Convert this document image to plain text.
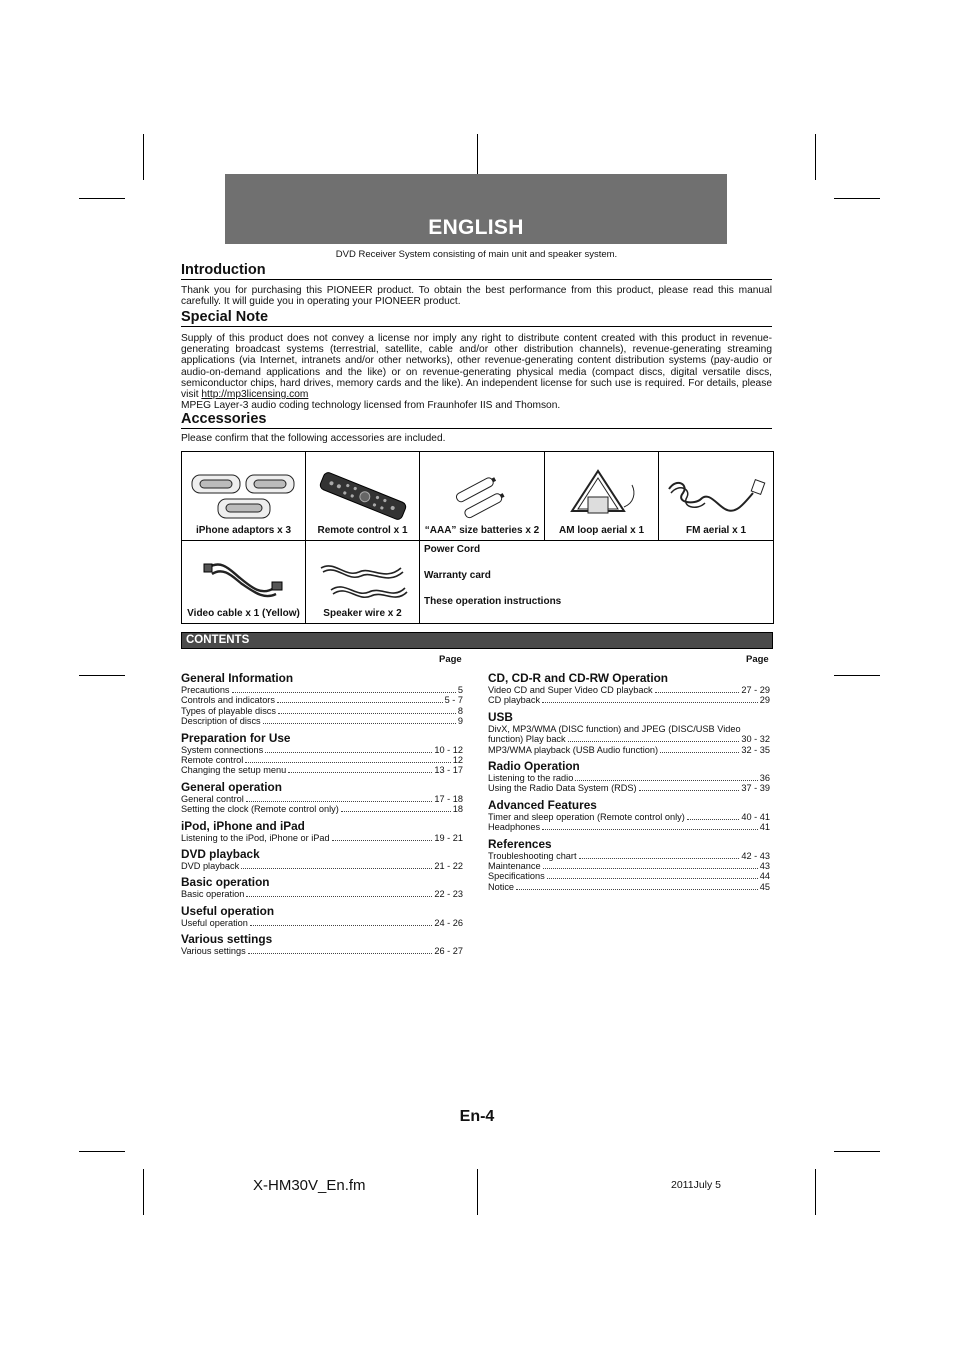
ENGLISH
DVD Receiver System consisting of main unit and speaker system.
Introduction
Thank you for purchasing this PIONEER product. To obtain the best performance from this product, please read this manual carefully. It will guide you in operating your PIONEER product.
Special Note
Supply of this product does not convey a license nor imply any right to distribute content created with this product in revenue-generating broadcast systems (terrestrial, satellite, cable and/or other distribution channels), revenue-generating streaming applications (via Internet, intranets and/or other networks), other revenue-generating content distribution systems (pay-audio or audio-on-demand applications and the like) or on revenue-generating physical media (compact discs, digital versatile discs, semiconductor chips, hard drives, memory cards and the like). An independent license for such use is required. For details, please visit http://mp3licensing.com
MPEG Layer-3 audio coding technology licensed from Fraunhofer IIS and Thomson.
Accessories
Please confirm that the following accessories are included.
iPhone adaptors x 3	Remote control x 1	“AAA” size batteries x 2	AM loop aerial x 1	FM aerial x 1

Video cable x 1 (Yellow)	Speaker wire x 2	Power Cord
Warranty card
These operation instructions		
CONTENTS
Page	Page
General Information
Precautions	5
Controls and indicators	5 - 7
Types of playable discs	8
Description of discs	9
Preparation for Use
System connections	10 - 12
Remote control	12
Changing the setup menu	13 - 17
General operation
General control	17 - 18
Setting the clock (Remote control only)	18
iPod, iPhone and iPad
Listening to the iPod, iPhone or iPad	19 - 21
DVD playback
DVD playback	21 - 22
Basic operation
Basic operation	22 - 23
Useful operation
Useful operation	24 - 26
Various settings
Various settings	26 - 27
CD, CD-R and CD-RW Operation
Video CD and Super Video CD playback	27 - 29
CD playback	29
USB
DivX, MP3/WMA (DISC function) and JPEG (DISC/USB Video
function) Play back	30 - 32
MP3/WMA playback (USB Audio function)	32 - 35
Radio Operation
Listening to the radio	36
Using the Radio Data System (RDS)	37 - 39
Advanced Features
Timer and sleep operation (Remote control only)	40 - 41
Headphones	41
References
Troubleshooting chart	42 - 43
Maintenance	43
Specifications	44
Notice	45
En-4
X-HM30V_En.fm	2011July 5
